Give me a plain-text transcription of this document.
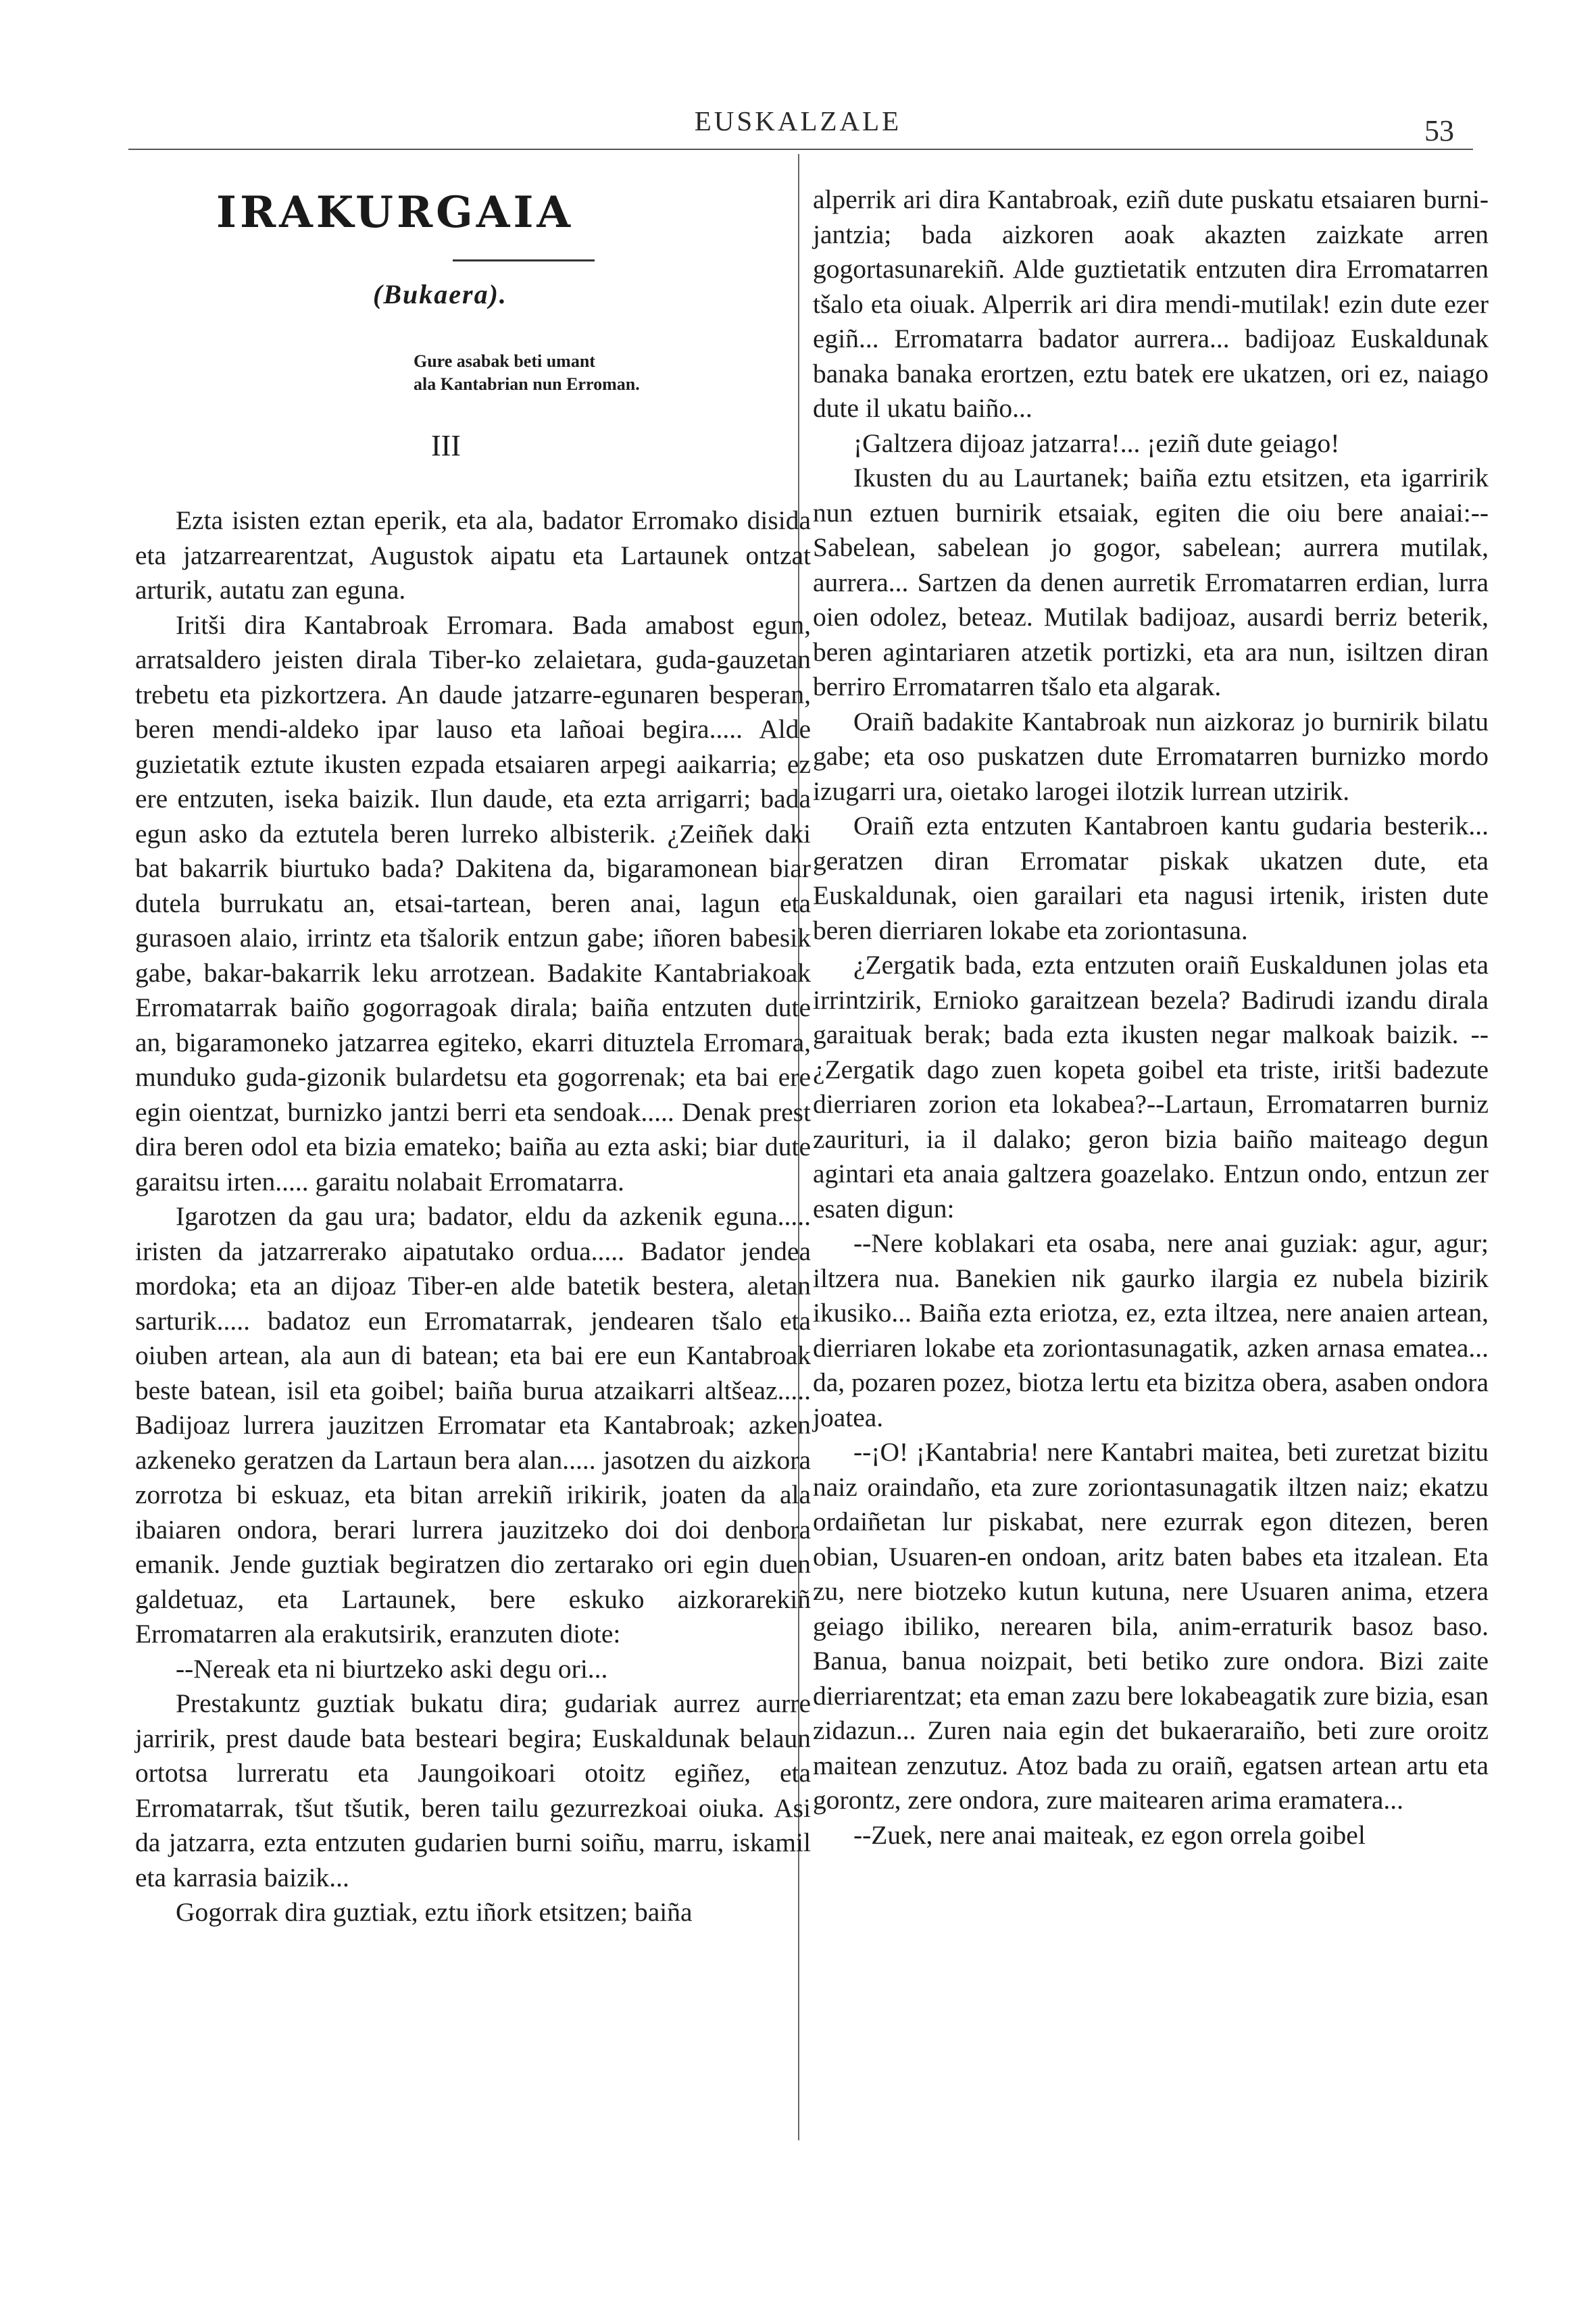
EUSKALZALE	53
IRAKURGAIA
(Bukaera).
Gure asabak beti umant
ala Kantabrian nun Erroman.
III

Ezta isisten eztan eperik, eta ala, badator Erromako disida eta jatzarrearentzat, Augustok aipatu eta Lartaunek ontzat arturik, autatu zan eguna.

Iritši dira Kantabroak Erromara. Bada amabost egun, arratsaldero jeisten dirala Tiber-ko zelaietara, guda-gauzetan trebetu eta pizkortzera. An daude jatzarre-egunaren besperan, beren mendi-aldeko ipar lauso eta lañoai begira..... Alde guzietatik eztute ikusten ezpada etsaiaren arpegi aaikarria; ez ere entzuten, iseka baizik. Ilun daude, eta ezta arrigarri; bada egun asko da eztutela beren lurreko albisterik. ¿Zeiñek daki bat bakarrik biurtuko bada? Dakitena da, bigaramonean biar dutela burrukatu an, etsai-tartean, beren anai, lagun eta gurasoen alaio, irrintz eta tšalorik entzun gabe; iñoren babesik gabe, bakar-bakarrik leku arrotzean. Badakite Kantabriakoak Erromatarrak baiño gogorragoak dirala; baiña entzuten dute an, bigaramoneko jatzarrea egiteko, ekarri dituztela Erromara, munduko guda-gizonik bulardetsu eta gogorrenak; eta bai ere egin oientzat, burnizko jantzi berri eta sendoak..... Denak prest dira beren odol eta bizia emateko; baiña au ezta aski; biar dute garaitsu irten..... garaitu nolabait Erromatarra.

Igarotzen da gau ura; badator, eldu da azkenik eguna..... iristen da jatzarrerako aipatutako ordua..... Badator jendea mordoka; eta an dijoaz Tiber-en alde batetik bestera, aletan sarturik..... badatoz eun Erromatarrak, jendearen tšalo eta oiuben artean, ala aun di batean; eta bai ere eun Kantabroak beste batean, isil eta goibel; baiña burua atzaikarri altšeaz..... Badijoaz lurrera jauzitzen Erromatar eta Kantabroak; azken azkeneko geratzen da Lartaun bera alan..... jasotzen du aizkora zorrotza bi eskuaz, eta bitan arrekiñ irikirik, joaten da ala ibaiaren ondora, berari lurrera jauzitzeko doi doi denbora emanik. Jende guztiak begiratzen dio zertarako ori egin duen galdetuaz, eta Lartaunek, bere eskuko aizkorarekiñ Erromatarren ala erakutsirik, eranzuten diote:

--Nereak eta ni biurtzeko aski degu ori...

Prestakuntz guztiak bukatu dira; gudariak aurrez aurre jarririk, prest daude bata besteari begira; Euskaldunak belaun ortotsa lurreratu eta Jaungoikoari otoitz egiñez, eta Erromatarrak, tšut tšutik, beren tailu gezurrezkoai oiuka. Asi da jatzarra, ezta entzuten gudarien burni soiñu, marru, iskamil eta karrasia baizik...

Gogorrak dira guztiak, eztu iñork etsitzen; baiña

alperrik ari dira Kantabroak, eziñ dute puskatu etsaiaren burni-jantzia; bada aizkoren aoak akazten zaizkate arren gogortasunarekiñ. Alde guztietatik entzuten dira Erromatarren tšalo eta oiuak. Alperrik ari dira mendi-mutilak! ezin dute ezer egiñ... Erromatarra badator aurrera... badijoaz Euskaldunak banaka banaka erortzen, eztu batek ere ukatzen, ori ez, naiago dute il ukatu baiño...

¡Galtzera dijoaz jatzarra!... ¡eziñ dute geiago!

Ikusten du au Laurtanek; baiña eztu etsitzen, eta igarririk nun eztuen burnirik etsaiak, egiten die oiu bere anaiai:--Sabelean, sabelean jo gogor, sabelean; aurrera mutilak, aurrera... Sartzen da denen aurretik Erromatarren erdian, lurra oien odolez, beteaz. Mutilak badijoaz, ausardi berriz beterik, beren agintariaren atzetik portizki, eta ara nun, isiltzen diran berriro Erromatarren tšalo eta algarak.

Oraiñ badakite Kantabroak nun aizkoraz jo burnirik bilatu gabe; eta oso puskatzen dute Erromatarren burnizko mordo izugarri ura, oietako larogei ilotzik lurrean utzirik.

Oraiñ ezta entzuten Kantabroen kantu gudaria besterik... geratzen diran Erromatar piskak ukatzen dute, eta Euskaldunak, oien garailari eta nagusi irtenik, iristen dute beren dierriaren lokabe eta zoriontasuna.

¿Zergatik bada, ezta entzuten oraiñ Euskaldunen jolas eta irrintzirik, Ernioko garaitzean bezela? Badirudi izandu dirala garaituak berak; bada ezta ikusten negar malkoak baizik. --¿Zergatik dago zuen kopeta goibel eta triste, iritši badezute dierriaren zorion eta lokabea?--Lartaun, Erromatarren burniz zaurituri, ia il dalako; geron bizia baiño maiteago degun agintari eta anaia galtzera goazelako. Entzun ondo, entzun zer esaten digun:

--Nere koblakari eta osaba, nere anai guziak: agur, agur; iltzera nua. Banekien nik gaurko ilargia ez nubela bizirik ikusiko... Baiña ezta eriotza, ez, ezta iltzea, nere anaien artean, dierriaren lokabe eta zoriontasunagatik, azken arnasa ematea... da, pozaren pozez, biotza lertu eta bizitza obera, asaben ondora joatea.

--¡O! ¡Kantabria! nere Kantabri maitea, beti zuretzat bizitu naiz oraindaño, eta zure zoriontasunagatik iltzen naiz; ekatzu ordaiñetan lur piskabat, nere ezurrak egon ditezen, beren obian, Usuaren-en ondoan, aritz baten babes eta itzalean. Eta zu, nere biotzeko kutun kutuna, nere Usuaren anima, etzera geiago ibiliko, nerearen bila, anim-erraturik basoz baso. Banua, banua noizpait, beti betiko zure ondora. Bizi zaite dierriarentzat; eta eman zazu bere lokabeagatik zure bizia, esan zidazun... Zuren naia egin det bukaeraraiño, beti zure oroitz maitean zenzutuz. Atoz bada zu oraiñ, egatsen artean artu eta gorontz, zere ondora, zure maitearen arima eramatera...

--Zuek, nere anai maiteak, ez egon orrela goibel
